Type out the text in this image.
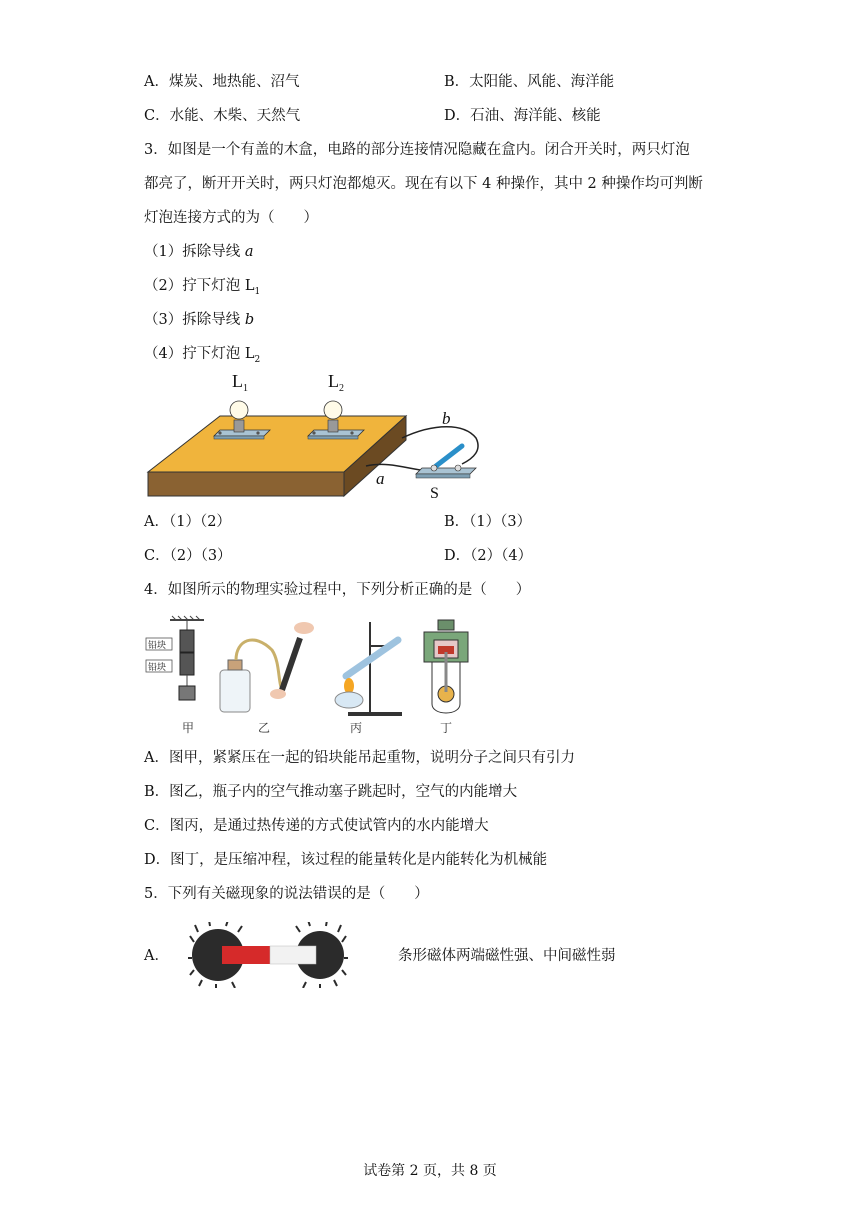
A．煤炭、地热能、沼气	B．太阳能、风能、海洋能
C．水能、木柴、天然气	D．石油、海洋能、核能
3．如图是一个有盖的木盒，电路的部分连接情况隐藏在盒内。闭合开关时，两只灯泡
都亮了，断开开关时，两只灯泡都熄灭。现在有以下 4 种操作，其中 2 种操作均可判断
灯泡连接方式的为（　　）
（1）拆除导线 a
（2）拧下灯泡 $L_1$
（3）拆除导线 b
（4）拧下灯泡 $L_2$
$L_1$	$L_2$
b
a
S
A．（1）（2）	B．（1）（3）
C．（2）（3）	D．（2）（4）
4．如图所示的物理实验过程中，下列分析正确的是（　　）
铅块
铅块
甲	乙	丙	丁
A．图甲，紧紧压在一起的铅块能吊起重物，说明分子之间只有引力
B．图乙，瓶子内的空气推动塞子跳起时，空气的内能增大
C．图丙，是通过热传递的方式使试管内的水内能增大
D．图丁，是压缩冲程，该过程的能量转化是内能转化为机械能
5．下列有关磁现象的说法错误的是（　　）
A．	条形磁体两端磁性强、中间磁性弱
试卷第 2 页，共 8 页
